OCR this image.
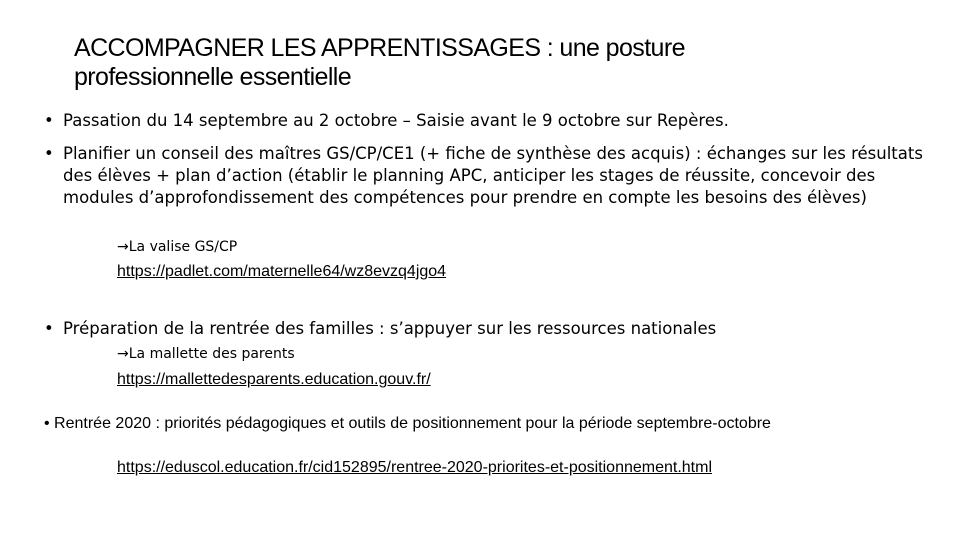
ACCOMPAGNER LES APPRENTISSAGES : une posture
professionnelle essentielle
• Passation du 14 septembre au 2 octobre – Saisie avant le 9 octobre sur Repères.
• Planifier un conseil des maîtres GS/CP/CE1 (+ fiche de synthèse des acquis) : échanges sur les résultats des élèves + plan d’action (établir le planning APC, anticiper les stages de réussite, concevoir des modules d’approfondissement des compétences pour prendre en compte les besoins des élèves)
→La valise GS/CP
https://padlet.com/maternelle64/wz8evzq4jgo4
• Préparation de la rentrée des familles : s’appuyer sur les ressources nationales
→La mallette des parents
https://mallettedesparents.education.gouv.fr/
• Rentrée 2020 : priorités pédagogiques et outils de positionnement pour la période septembre-octobre
https://eduscol.education.fr/cid152895/rentree-2020-priorites-et-positionnement.html
